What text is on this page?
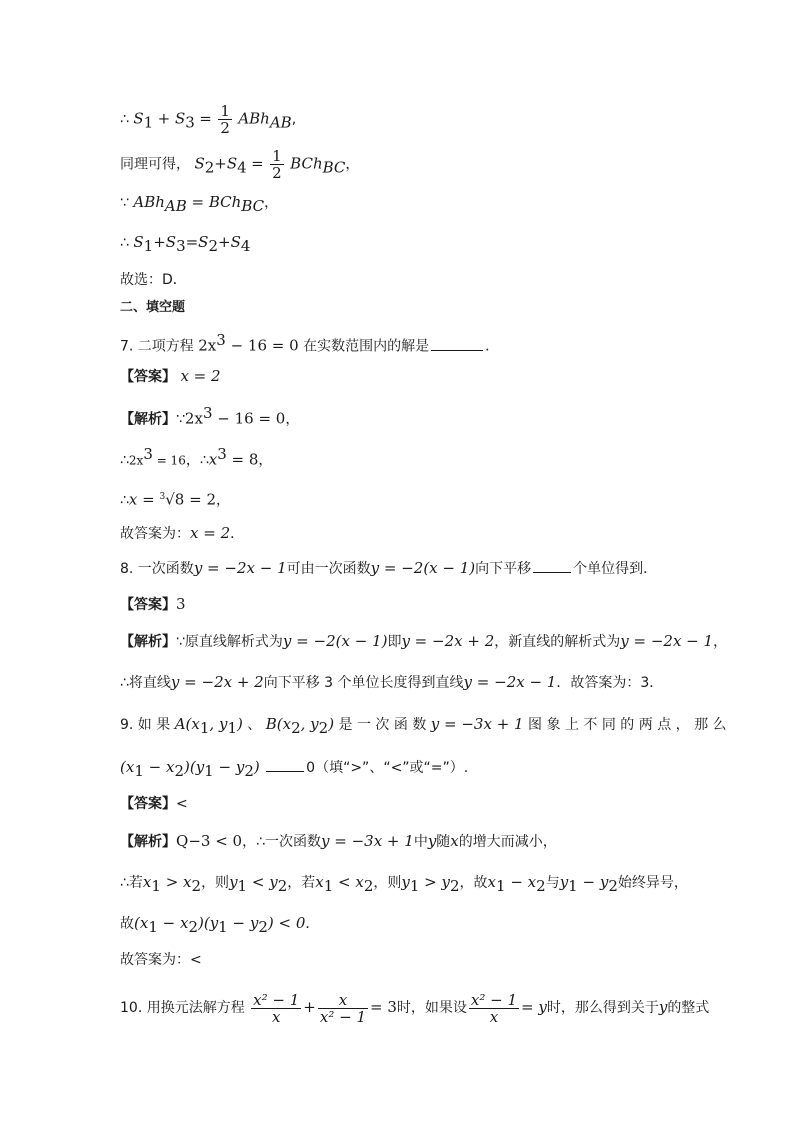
∴ $S_1 + S_3 = \frac{1}{2} ABh_{AB}$,
同理可得， $S_2+S_4 = \frac{1}{2} BCh_{BC}$，
∵ ABh$_{AB}$ = BCh$_{BC}$，
∴ $S_1+S_3=S_2+S_4$
故选：D．
二、填空题
7. 二项方程 $2x^3 - 16 = 0$ 在实数范围内的解是	．
【答案】 x = 2
【解析】$\because 2x^3 - 16 = 0$，
$\therefore 2x^3 = 16$，$\therefore x^3 = 8$，
∴x = $^3$√8 = 2，
故答案为：x = 2．
8. 一次函数y = −2x − 1可由一次函数y = −2(x − 1)向下平移	个单位得到．
【答案】3
【解析】∵原直线解析式为y = −2(x − 1)即y = −2x + 2，新直线的解析式为y = −2x − 1，
∴将直线y = −2x + 2向下平移 3 个单位长度得到直线y = −2x − 1．故答案为：3．
9. 如 果 $A(x_1$, $y_1$) 、 $B(x_2$, $y_2$) 是 一 次 函 数 y = −3x + 1 图 象 上 不 同 的 两 点 ， 那 么
$(x_1 - x_2)(y_1 - y_2)$	0（填“>”、“<”或“=”）.
【答案】<
【解析】Q−3 < 0，∴一次函数y = −3x + 1中y随x的增大而减小，
∴若$x_1 > x_2$，则$y_1 < y_2$，若$x_1 < x_2$，则$y_1 > y_2$，故$x_1 - x_2$与$y_1 - y_2$始终异号，
故$(x_1 - x_2)(y_1 - y_2) < 0$．
故答案为：<
10. 用换元法解方程 $\frac{\text{x² − 1}}{x} + \frac{x}{\text{x² − 1}} = 3$时，如果设 $\frac{\text{x² − 1}}{x} = y$时，那么得到关于y的整式
